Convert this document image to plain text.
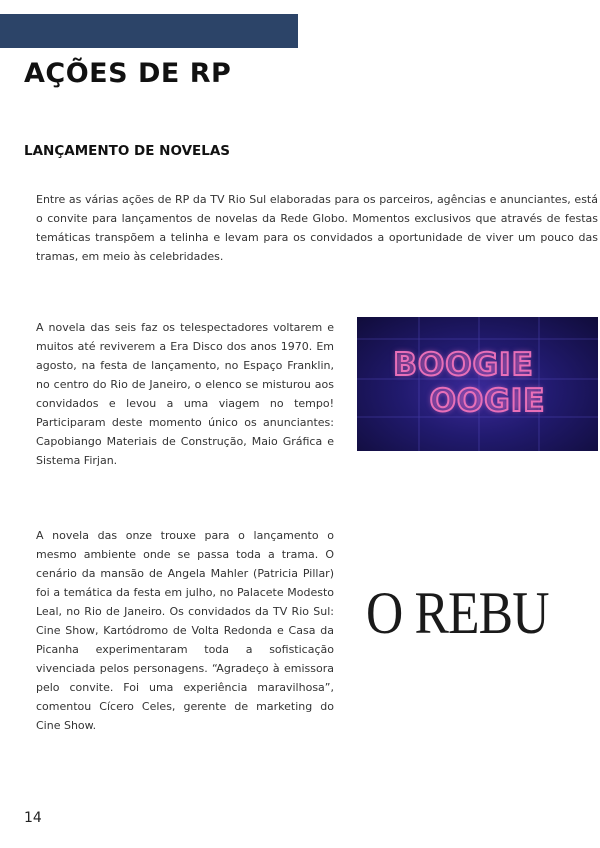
AÇÕES DE RP
LANÇAMENTO DE NOVELAS

Entre as várias ações de RP da TV Rio Sul elaboradas para os parceiros, agências e anunciantes, está o convite para lançamentos de novelas da Rede Globo. Momentos exclusivos que através de festas temáticas transpõem a telinha e levam para os convidados a oportunidade de viver um pouco das tramas, em meio às celebridades.

A novela das seis faz os telespectadores voltarem e muitos até reviverem a Era Disco dos anos 1970. Em agosto, na festa de lançamento, no Espaço Franklin, no centro do Rio de Janeiro, o elenco se misturou aos convidados e levou a uma viagem no tempo! Participaram deste momento único os anunciantes: Capobiango Materiais de Construção, Maio Gráfica e Sistema Firjan.

BOOGIE
OOGIE

A novela das onze trouxe para o lançamento o mesmo ambiente onde se passa toda a trama. O cenário da mansão de Angela Mahler (Patricia Pillar) foi a temática da festa em julho, no Palacete Modesto Leal, no Rio de Janeiro. Os convidados da TV Rio Sul: Cine Show, Kartódromo de Volta Redonda e Casa da Picanha experimentaram toda a sofisticação vivenciada pelos personagens. “Agradeço à emissora pelo convite. Foi uma experiência maravilhosa”, comentou Cícero Celes, gerente de marketing do Cine Show.

O REBU
14
